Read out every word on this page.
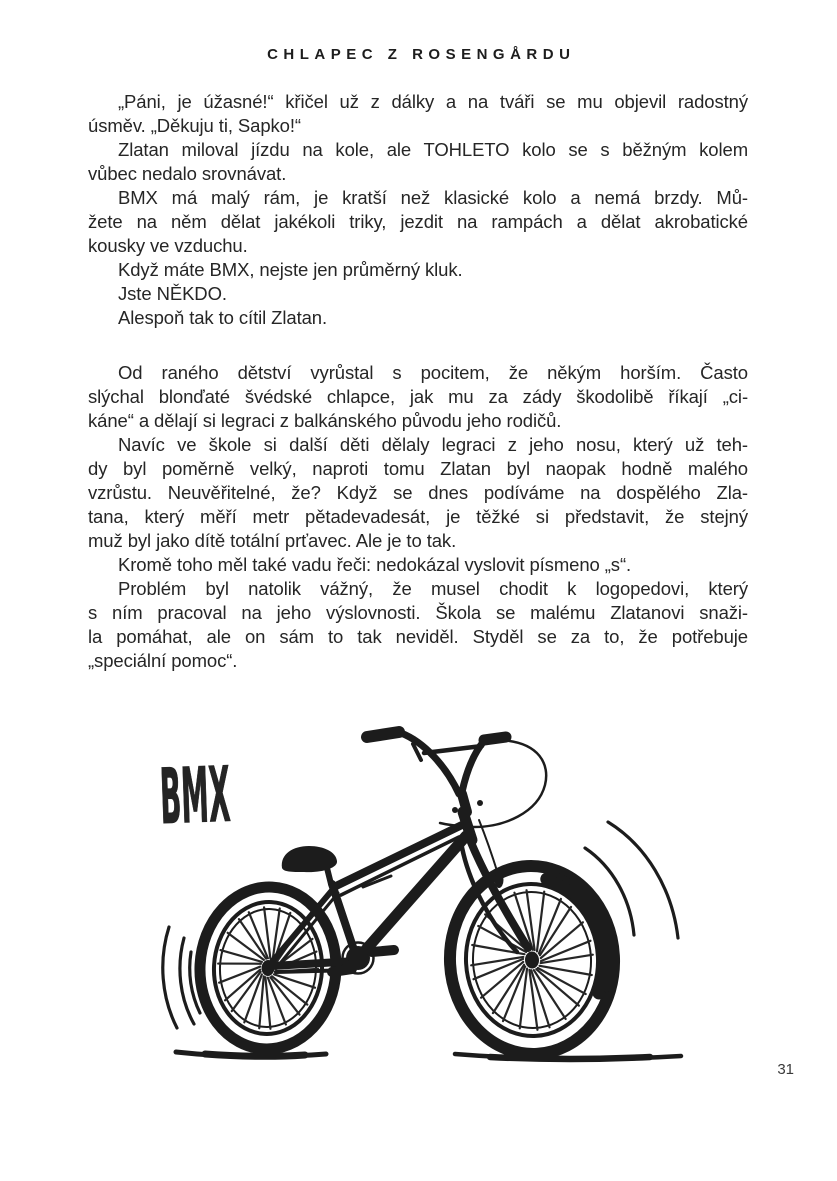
CHLAPEC Z ROSENGÅRDU
„Páni, je úžasné!“ křičel už z dálky a na tváři se mu objevil radostný
úsměv. „Děkuju ti, Sapko!“
Zlatan miloval jízdu na kole, ale TOHLETO kolo se s běžným kolem
vůbec nedalo srovnávat.
BMX má malý rám, je kratší než klasické kolo a nemá brzdy. Mů-
žete na něm dělat jakékoli triky, jezdit na rampách a dělat akrobatické
kousky ve vzduchu.
Když máte BMX, nejste jen průměrný kluk.
Jste NĚKDO.
Alespoň tak to cítil Zlatan.
Od raného dětství vyrůstal s pocitem, že někým horším. Často
slýchal blonďaté švédské chlapce, jak mu za zády škodolibě říkají „ci-
káne“ a dělají si legraci z balkánského původu jeho rodičů.
Navíc ve škole si další děti dělaly legraci z jeho nosu, který už teh-
dy byl poměrně velký, naproti tomu Zlatan byl naopak hodně malého
vzrůstu. Neuvěřitelné, že? Když se dnes podíváme na dospělého Zla-
tana, který měří metr pětadevadesát, je těžké si představit, že stejný
muž byl jako dítě totální prťavec. Ale je to tak.
Kromě toho měl také vadu řeči: nedokázal vyslovit písmeno „s“.
Problém byl natolik vážný, že musel chodit k logopedovi, který
s ním pracoval na jeho výslovnosti. Škola se malému Zlatanovi snaži-
la pomáhat, ale on sám to tak neviděl. Styděl se za to, že potřebuje
„speciální pomoc“.
BMX
31
